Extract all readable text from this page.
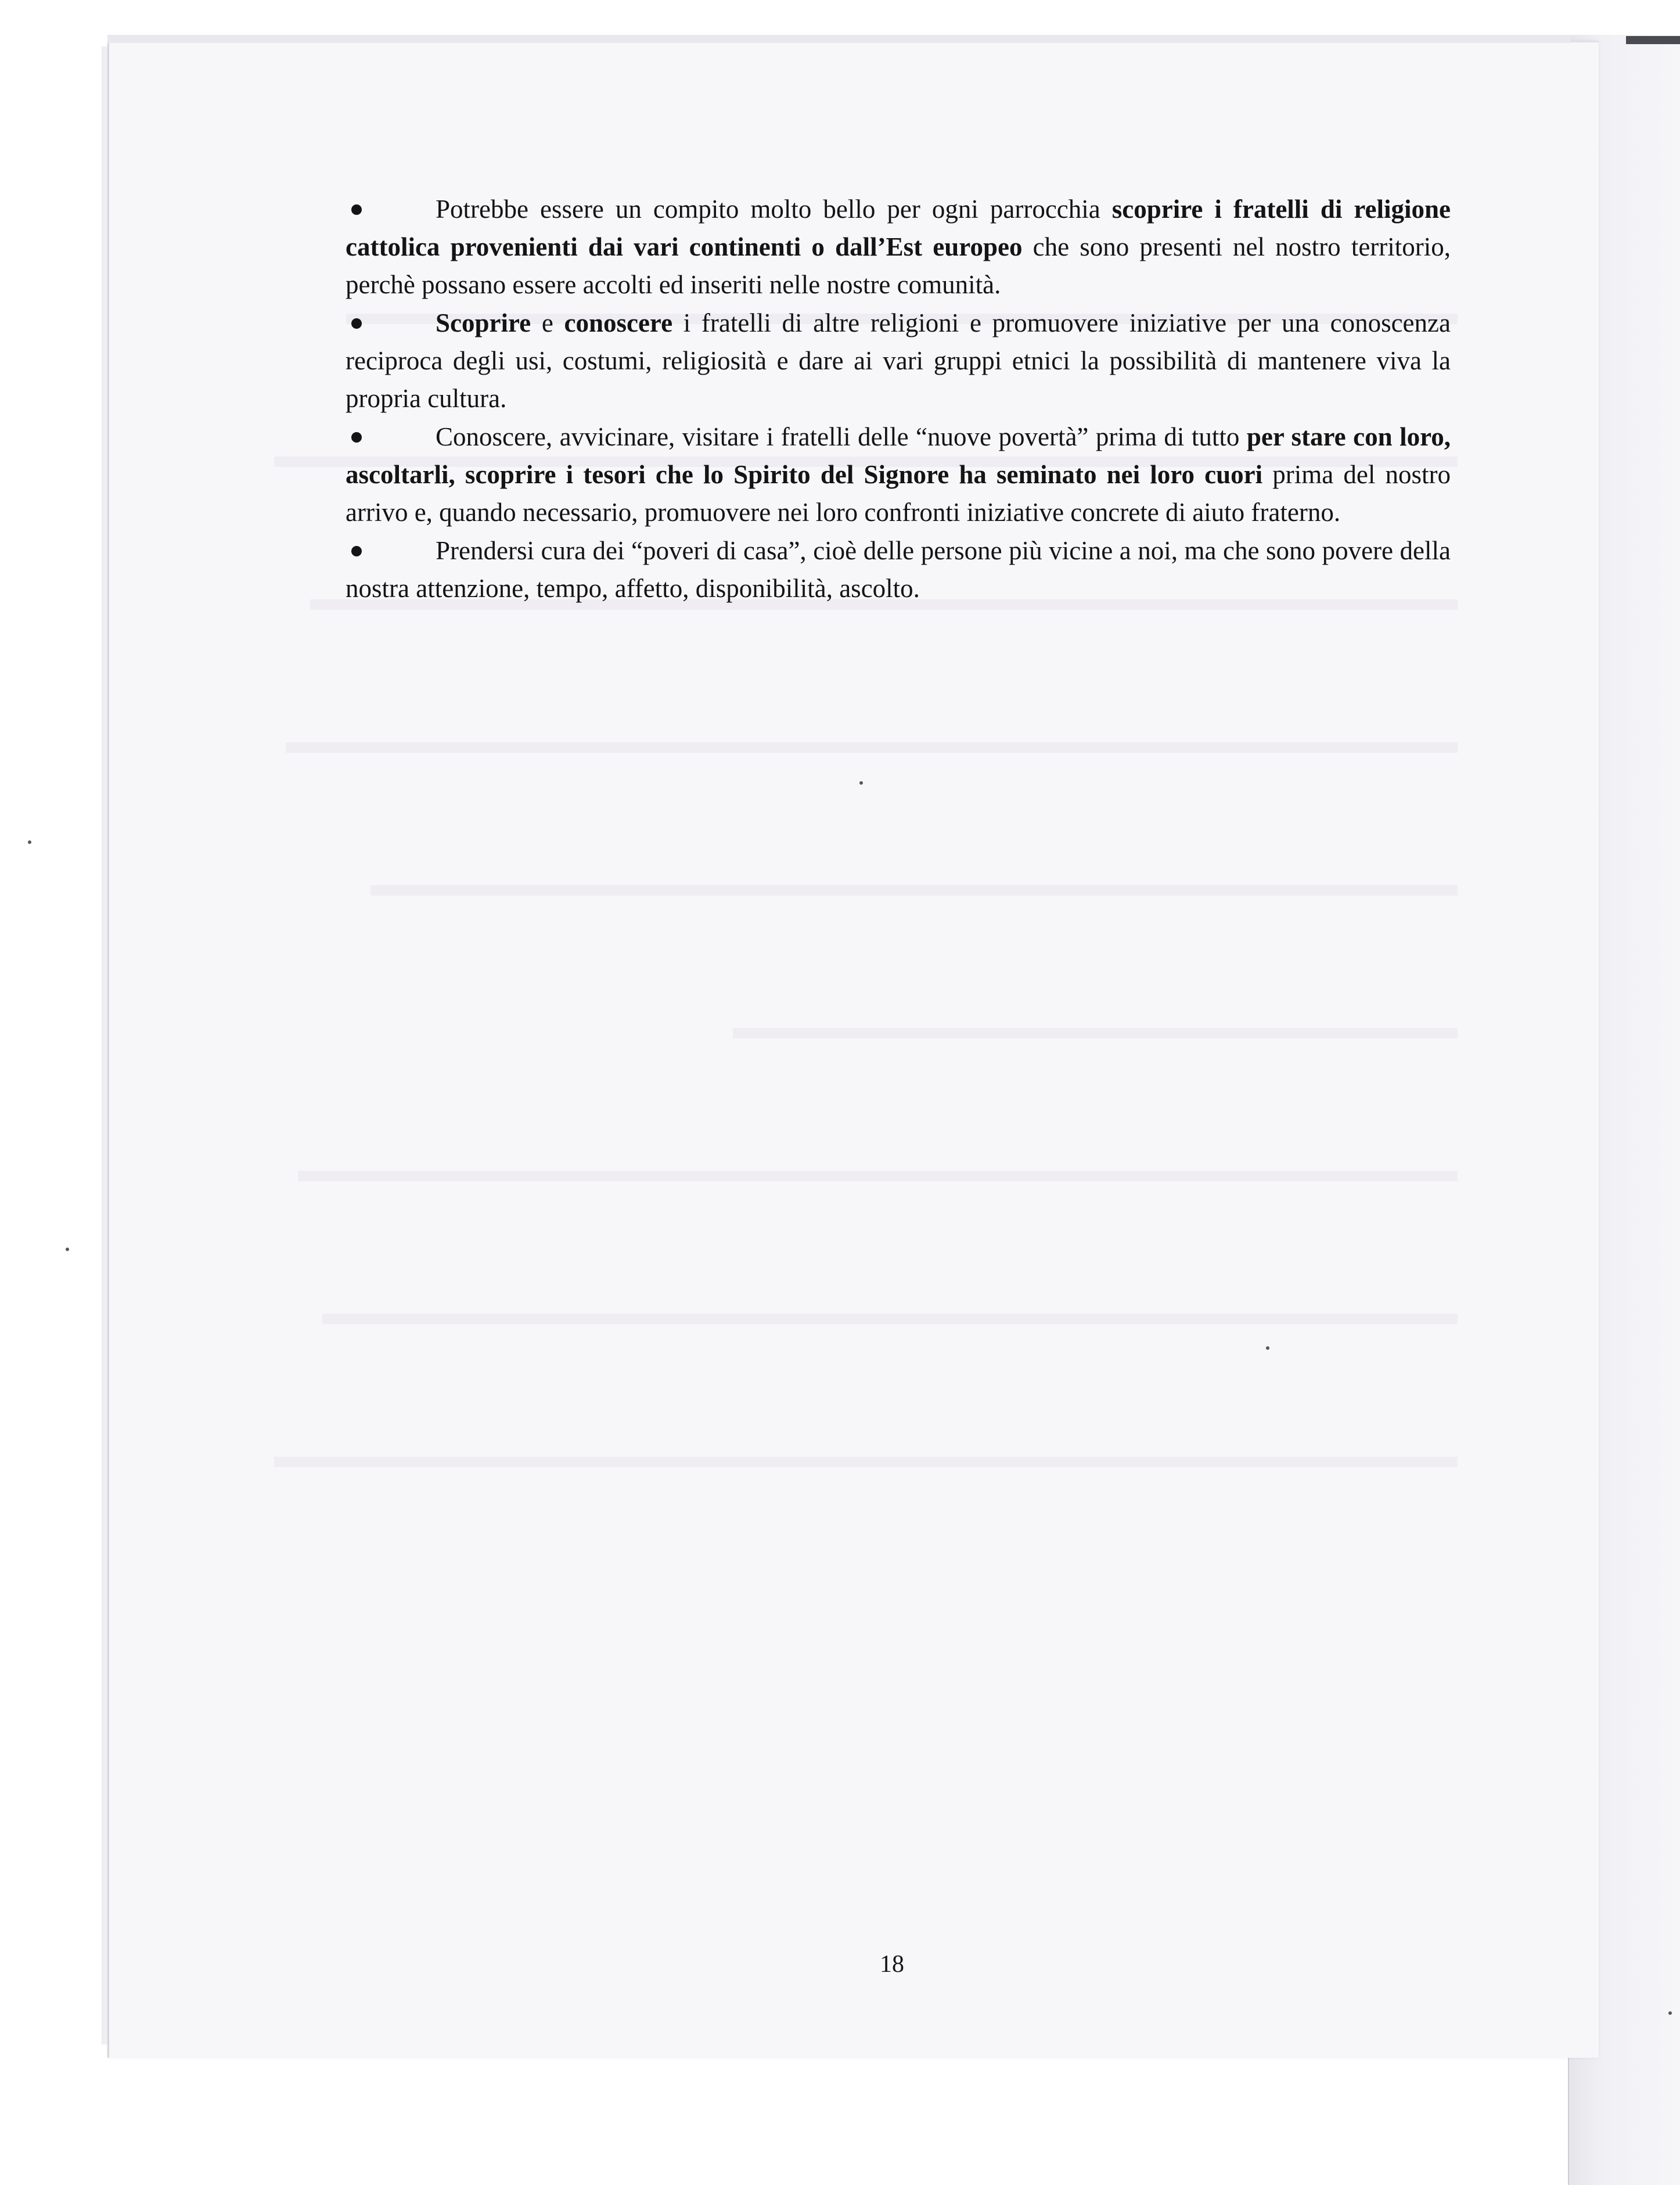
Potrebbe essere un compito molto bello per ogni parrocchia scoprire i fratelli di religione cattolica provenienti dai vari continenti o dall’Est europeo che sono presenti nel nostro territorio, perchè possano essere accolti ed inseriti nelle nostre comunità.

Scoprire e conoscere i fratelli di altre religioni e promuovere iniziative per una conoscenza reciproca degli usi, costumi, religiosità e dare ai vari gruppi etnici la possibilità di mantenere viva la propria cultura.

Conoscere, avvicinare, visitare i fratelli delle “nuove povertà” prima di tutto per stare con loro, ascoltarli, scoprire i tesori che lo Spirito del Signore ha seminato nei loro cuori prima del nostro arrivo e, quando necessario, promuovere nei loro confronti iniziative concrete di aiuto fraterno.

Prendersi cura dei “poveri di casa”, cioè delle persone più vicine a noi, ma che sono povere della nostra attenzione, tempo, affetto, disponibilità, ascolto.

18
